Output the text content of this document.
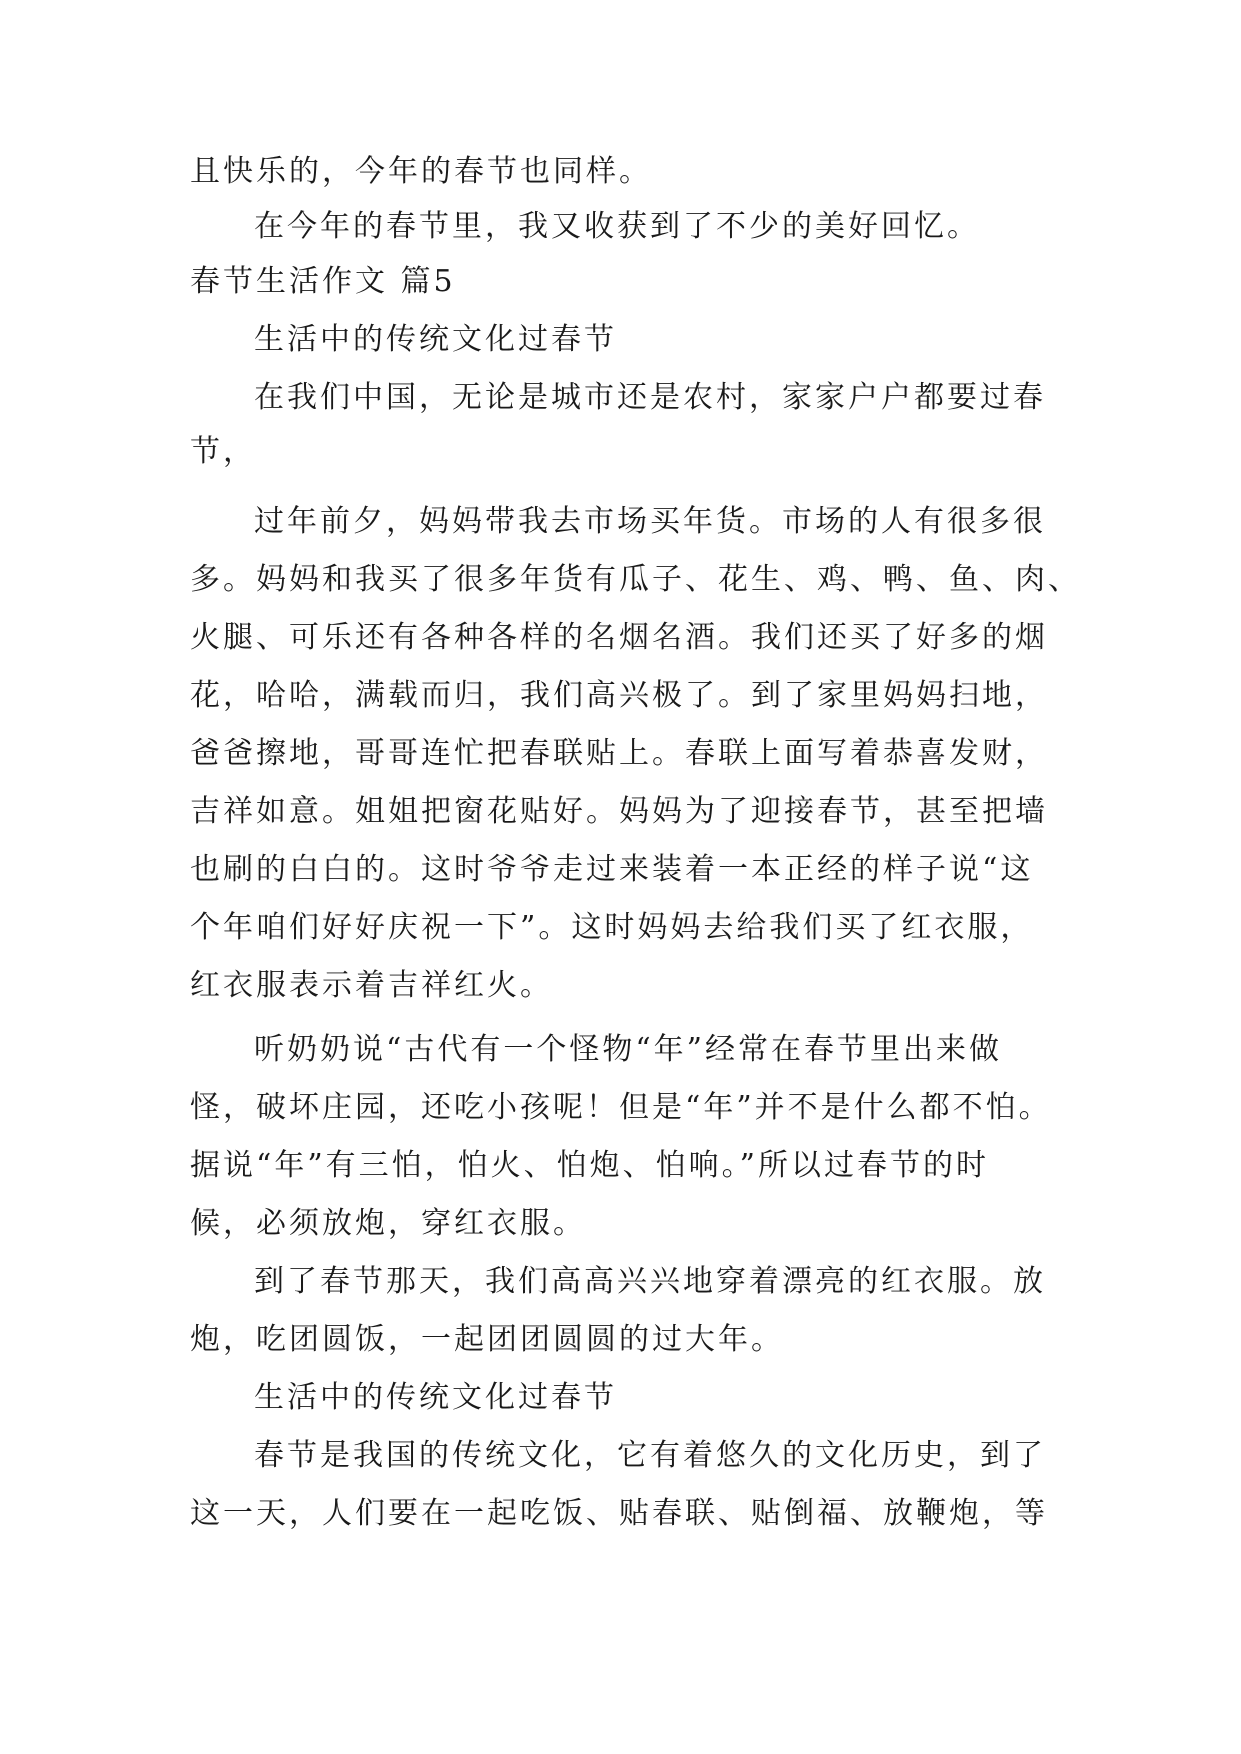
且快乐的，今年的春节也同样。
在今年的春节里，我又收获到了不少的美好回忆。
春节生活作文 篇5
生活中的传统文化过春节
在我们中国，无论是城市还是农村，家家户户都要过春
节，
过年前夕，妈妈带我去市场买年货。市场的人有很多很
多。妈妈和我买了很多年货有瓜子、花生、鸡、鸭、鱼、肉、
火腿、可乐还有各种各样的名烟名酒。我们还买了好多的烟
花，哈哈，满载而归，我们高兴极了。到了家里妈妈扫地，
爸爸擦地，哥哥连忙把春联贴上。春联上面写着恭喜发财，
吉祥如意。姐姐把窗花贴好。妈妈为了迎接春节，甚至把墙
也刷的白白的。这时爷爷走过来装着一本正经的样子说“这
个年咱们好好庆祝一下”。这时妈妈去给我们买了红衣服，
红衣服表示着吉祥红火。
听奶奶说“古代有一个怪物“年”经常在春节里出来做
怪，破坏庄园，还吃小孩呢！但是“年”并不是什么都不怕。
据说“年”有三怕，怕火、怕炮、怕响。”所以过春节的时
候，必须放炮，穿红衣服。
到了春节那天，我们高高兴兴地穿着漂亮的红衣服。放
炮，吃团圆饭，一起团团圆圆的过大年。
生活中的传统文化过春节
春节是我国的传统文化，它有着悠久的文化历史，到了
这一天，人们要在一起吃饭、贴春联、贴倒福、放鞭炮，等
